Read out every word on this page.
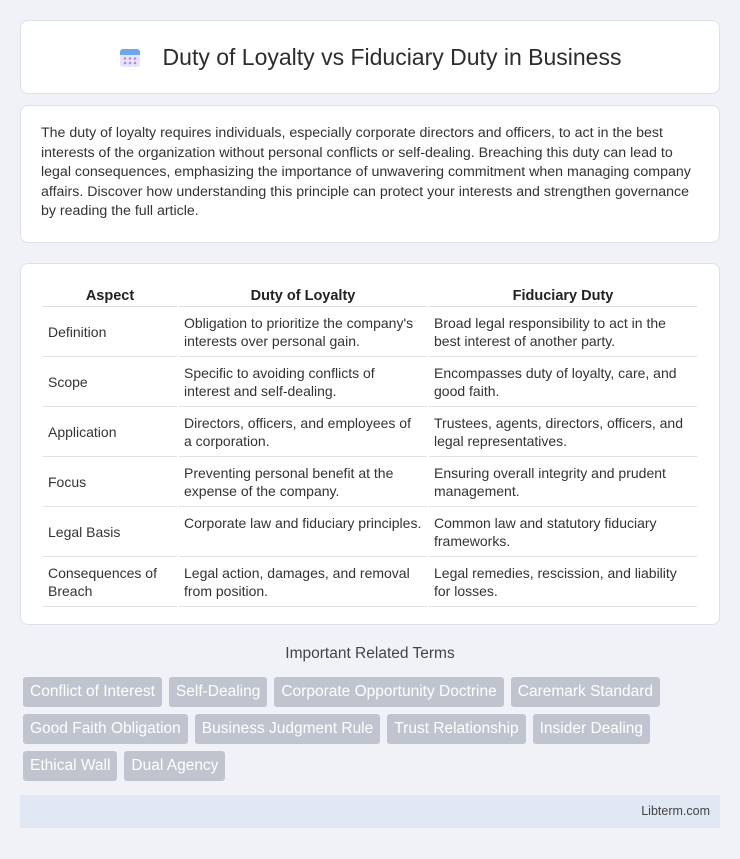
Duty of Loyalty vs Fiduciary Duty in Business

The duty of loyalty requires individuals, especially corporate directors and officers, to act in the best interests of the organization without personal conflicts or self-dealing. Breaching this duty can lead to legal consequences, emphasizing the importance of unwavering commitment when managing company affairs. Discover how understanding this principle can protect your interests and strengthen governance by reading the full article.

Aspect	Duty of Loyalty	Fiduciary Duty
Definition	Obligation to prioritize the company's interests over personal gain.	Broad legal responsibility to act in the best interest of another party.
Scope	Specific to avoiding conflicts of interest and self-dealing.	Encompasses duty of loyalty, care, and good faith.
Application	Directors, officers, and employees of a corporation.	Trustees, agents, directors, officers, and legal representatives.
Focus	Preventing personal benefit at the expense of the company.	Ensuring overall integrity and prudent management.
Legal Basis	Corporate law and fiduciary principles.	Common law and statutory fiduciary frameworks.
Consequences of Breach	Legal action, damages, and removal from position.	Legal remedies, rescission, and liability for losses.
Important Related Terms
Conflict of Interest	Self-Dealing	Corporate Opportunity Doctrine	Caremark Standard
Good Faith Obligation	Business Judgment Rule	Trust Relationship	Insider Dealing
Ethical Wall	Dual Agency
Libterm.com
